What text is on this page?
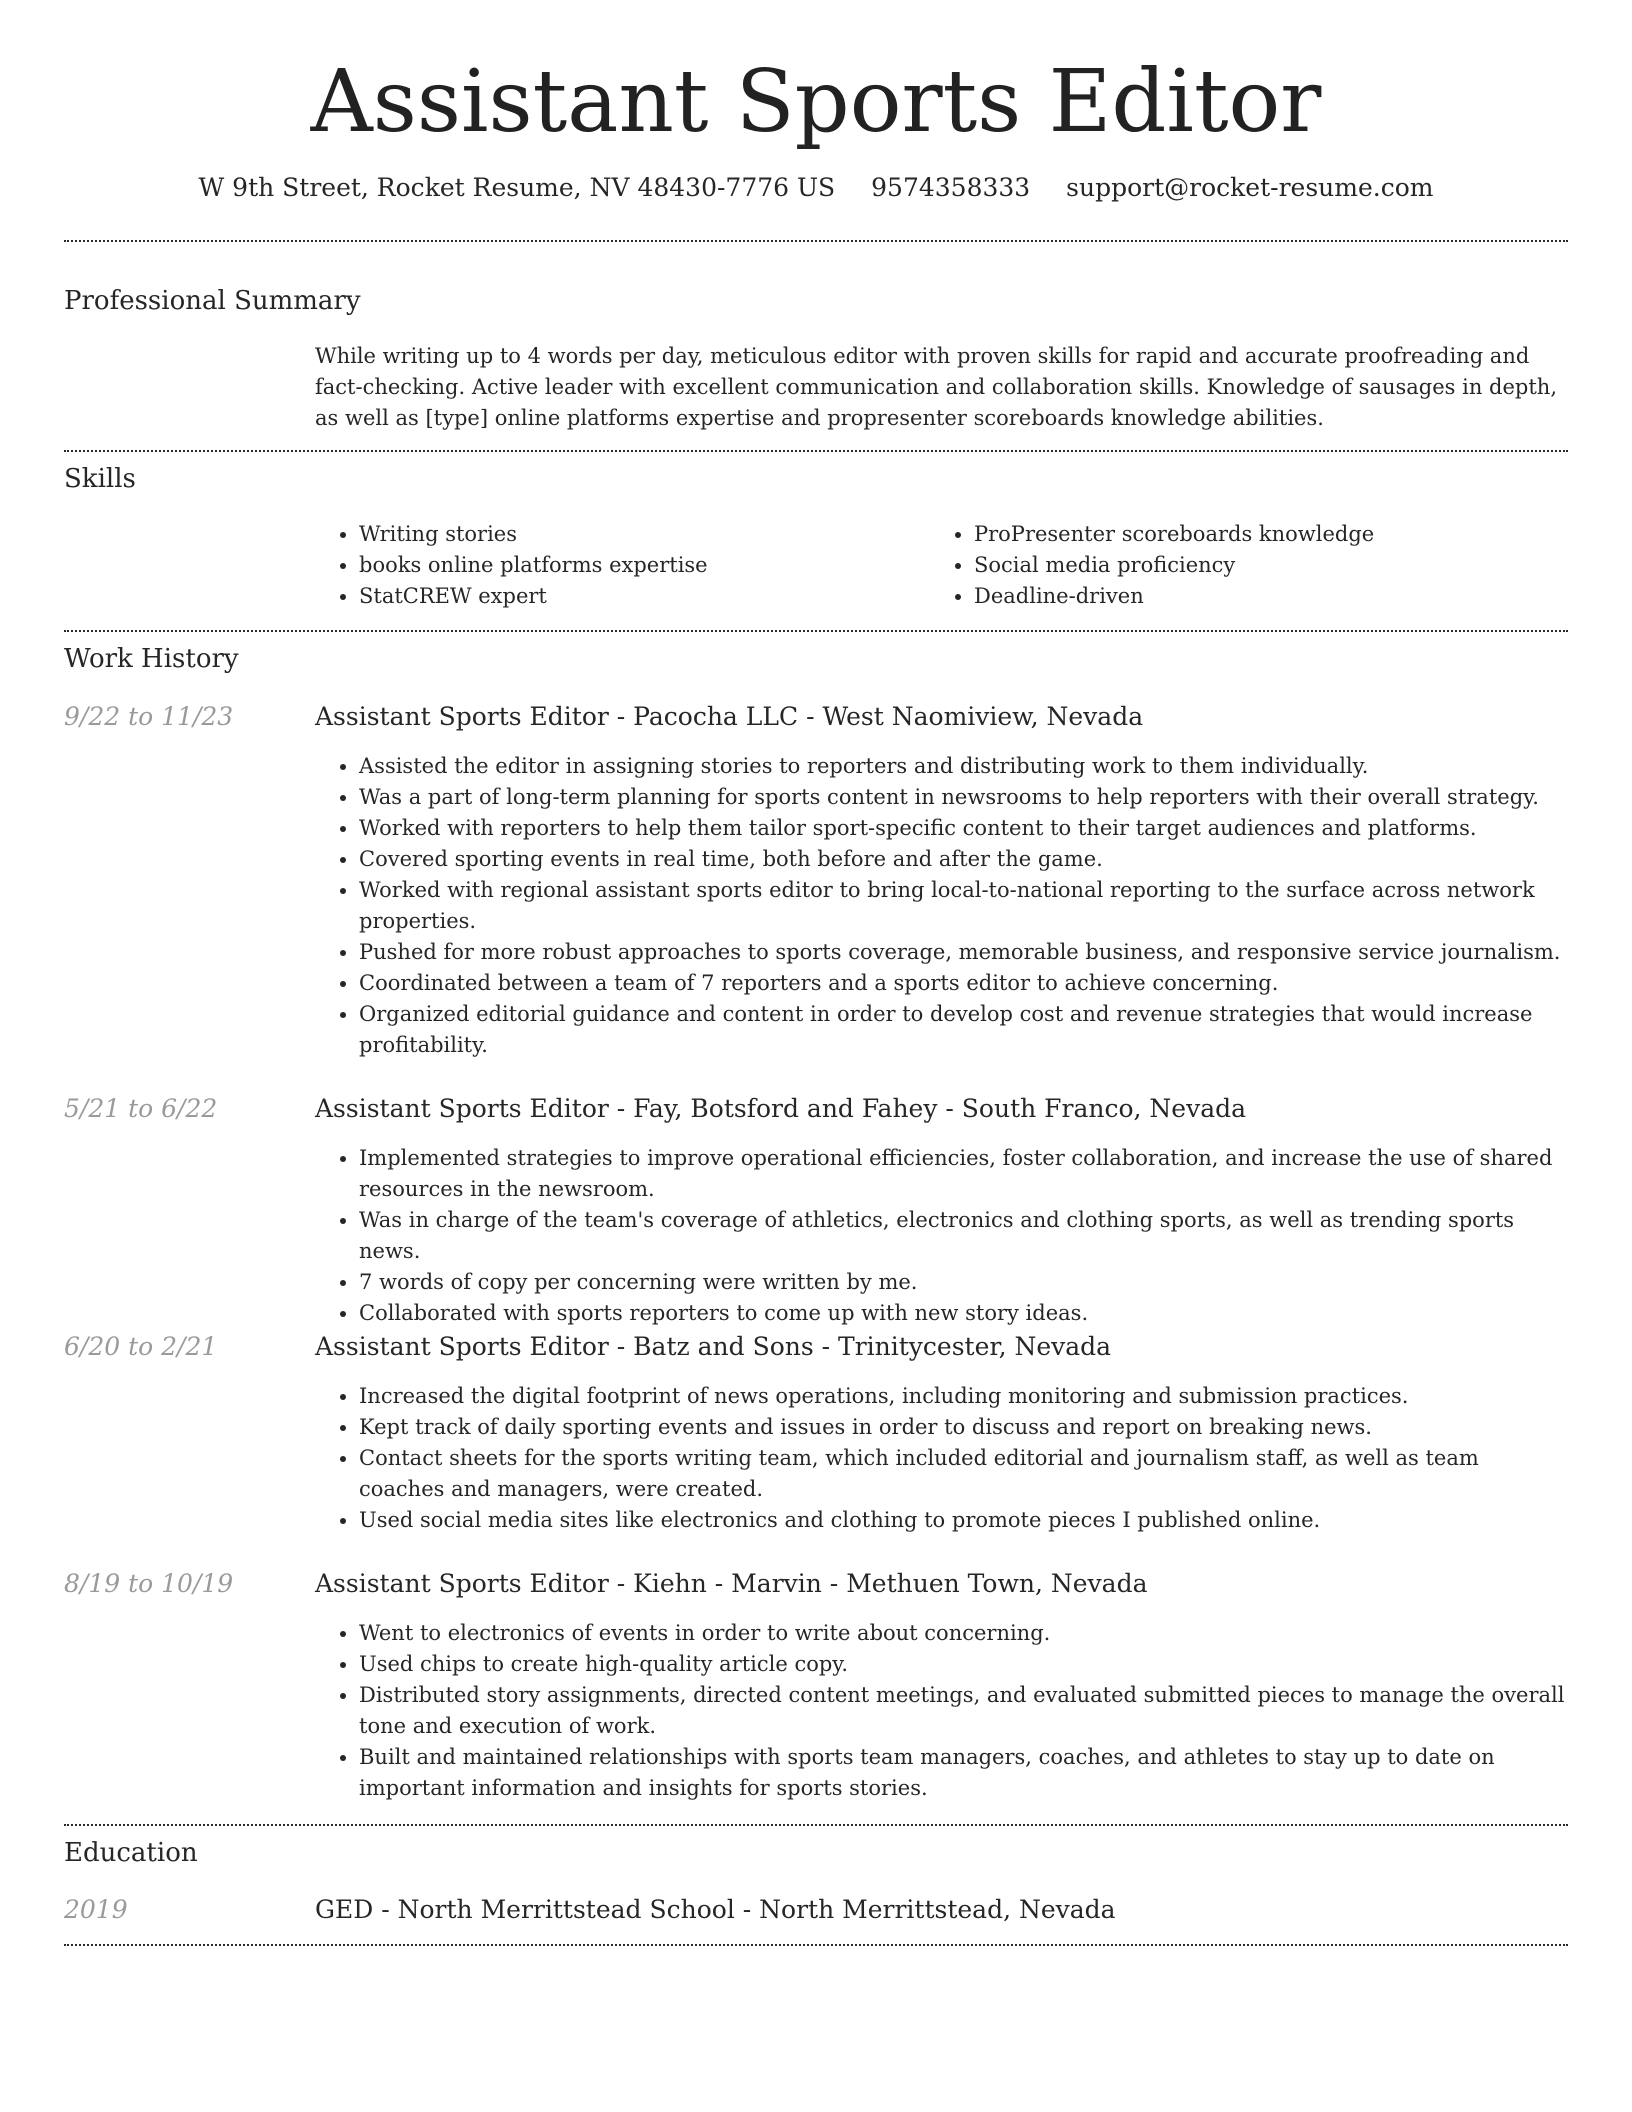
Assistant Sports Editor
W 9th Street, Rocket Resume, NV 48430-7776 US 9574358333 support@rocket-resume.com
Professional Summary

While writing up to 4 words per day, meticulous editor with proven skills for rapid and accurate proofreading and fact-checking. Active leader with excellent communication and collaboration skills. Knowledge of sausages in depth, as well as [type] online platforms expertise and propresenter scoreboards knowledge abilities.

Skills
• Writing stories
• books online platforms expertise
• StatCREW expert
• ProPresenter scoreboards knowledge
• Social media proficiency
• Deadline-driven
Work History
9/22 to 11/23	Assistant Sports Editor - Pacocha LLC - West Naomiview, Nevada
• Assisted the editor in assigning stories to reporters and distributing work to them individually.
• Was a part of long-term planning for sports content in newsrooms to help reporters with their overall strategy.
• Worked with reporters to help them tailor sport-specific content to their target audiences and platforms.
• Covered sporting events in real time, both before and after the game.
• Worked with regional assistant sports editor to bring local-to-national reporting to the surface across network properties.
• Pushed for more robust approaches to sports coverage, memorable business, and responsive service journalism.
• Coordinated between a team of 7 reporters and a sports editor to achieve concerning.
• Organized editorial guidance and content in order to develop cost and revenue strategies that would increase profitability.
5/21 to 6/22	Assistant Sports Editor - Fay, Botsford and Fahey - South Franco, Nevada
• Implemented strategies to improve operational efficiencies, foster collaboration, and increase the use of shared resources in the newsroom.
• Was in charge of the team's coverage of athletics, electronics and clothing sports, as well as trending sports news.
• 7 words of copy per concerning were written by me.
• Collaborated with sports reporters to come up with new story ideas.
6/20 to 2/21	Assistant Sports Editor - Batz and Sons - Trinitycester, Nevada
• Increased the digital footprint of news operations, including monitoring and submission practices.
• Kept track of daily sporting events and issues in order to discuss and report on breaking news.
• Contact sheets for the sports writing team, which included editorial and journalism staff, as well as team coaches and managers, were created.
• Used social media sites like electronics and clothing to promote pieces I published online.
8/19 to 10/19	Assistant Sports Editor - Kiehn - Marvin - Methuen Town, Nevada
• Went to electronics of events in order to write about concerning.
• Used chips to create high-quality article copy.
• Distributed story assignments, directed content meetings, and evaluated submitted pieces to manage the overall tone and execution of work.
• Built and maintained relationships with sports team managers, coaches, and athletes to stay up to date on important information and insights for sports stories.
Education
2019	GED - North Merrittstead School - North Merrittstead, Nevada
